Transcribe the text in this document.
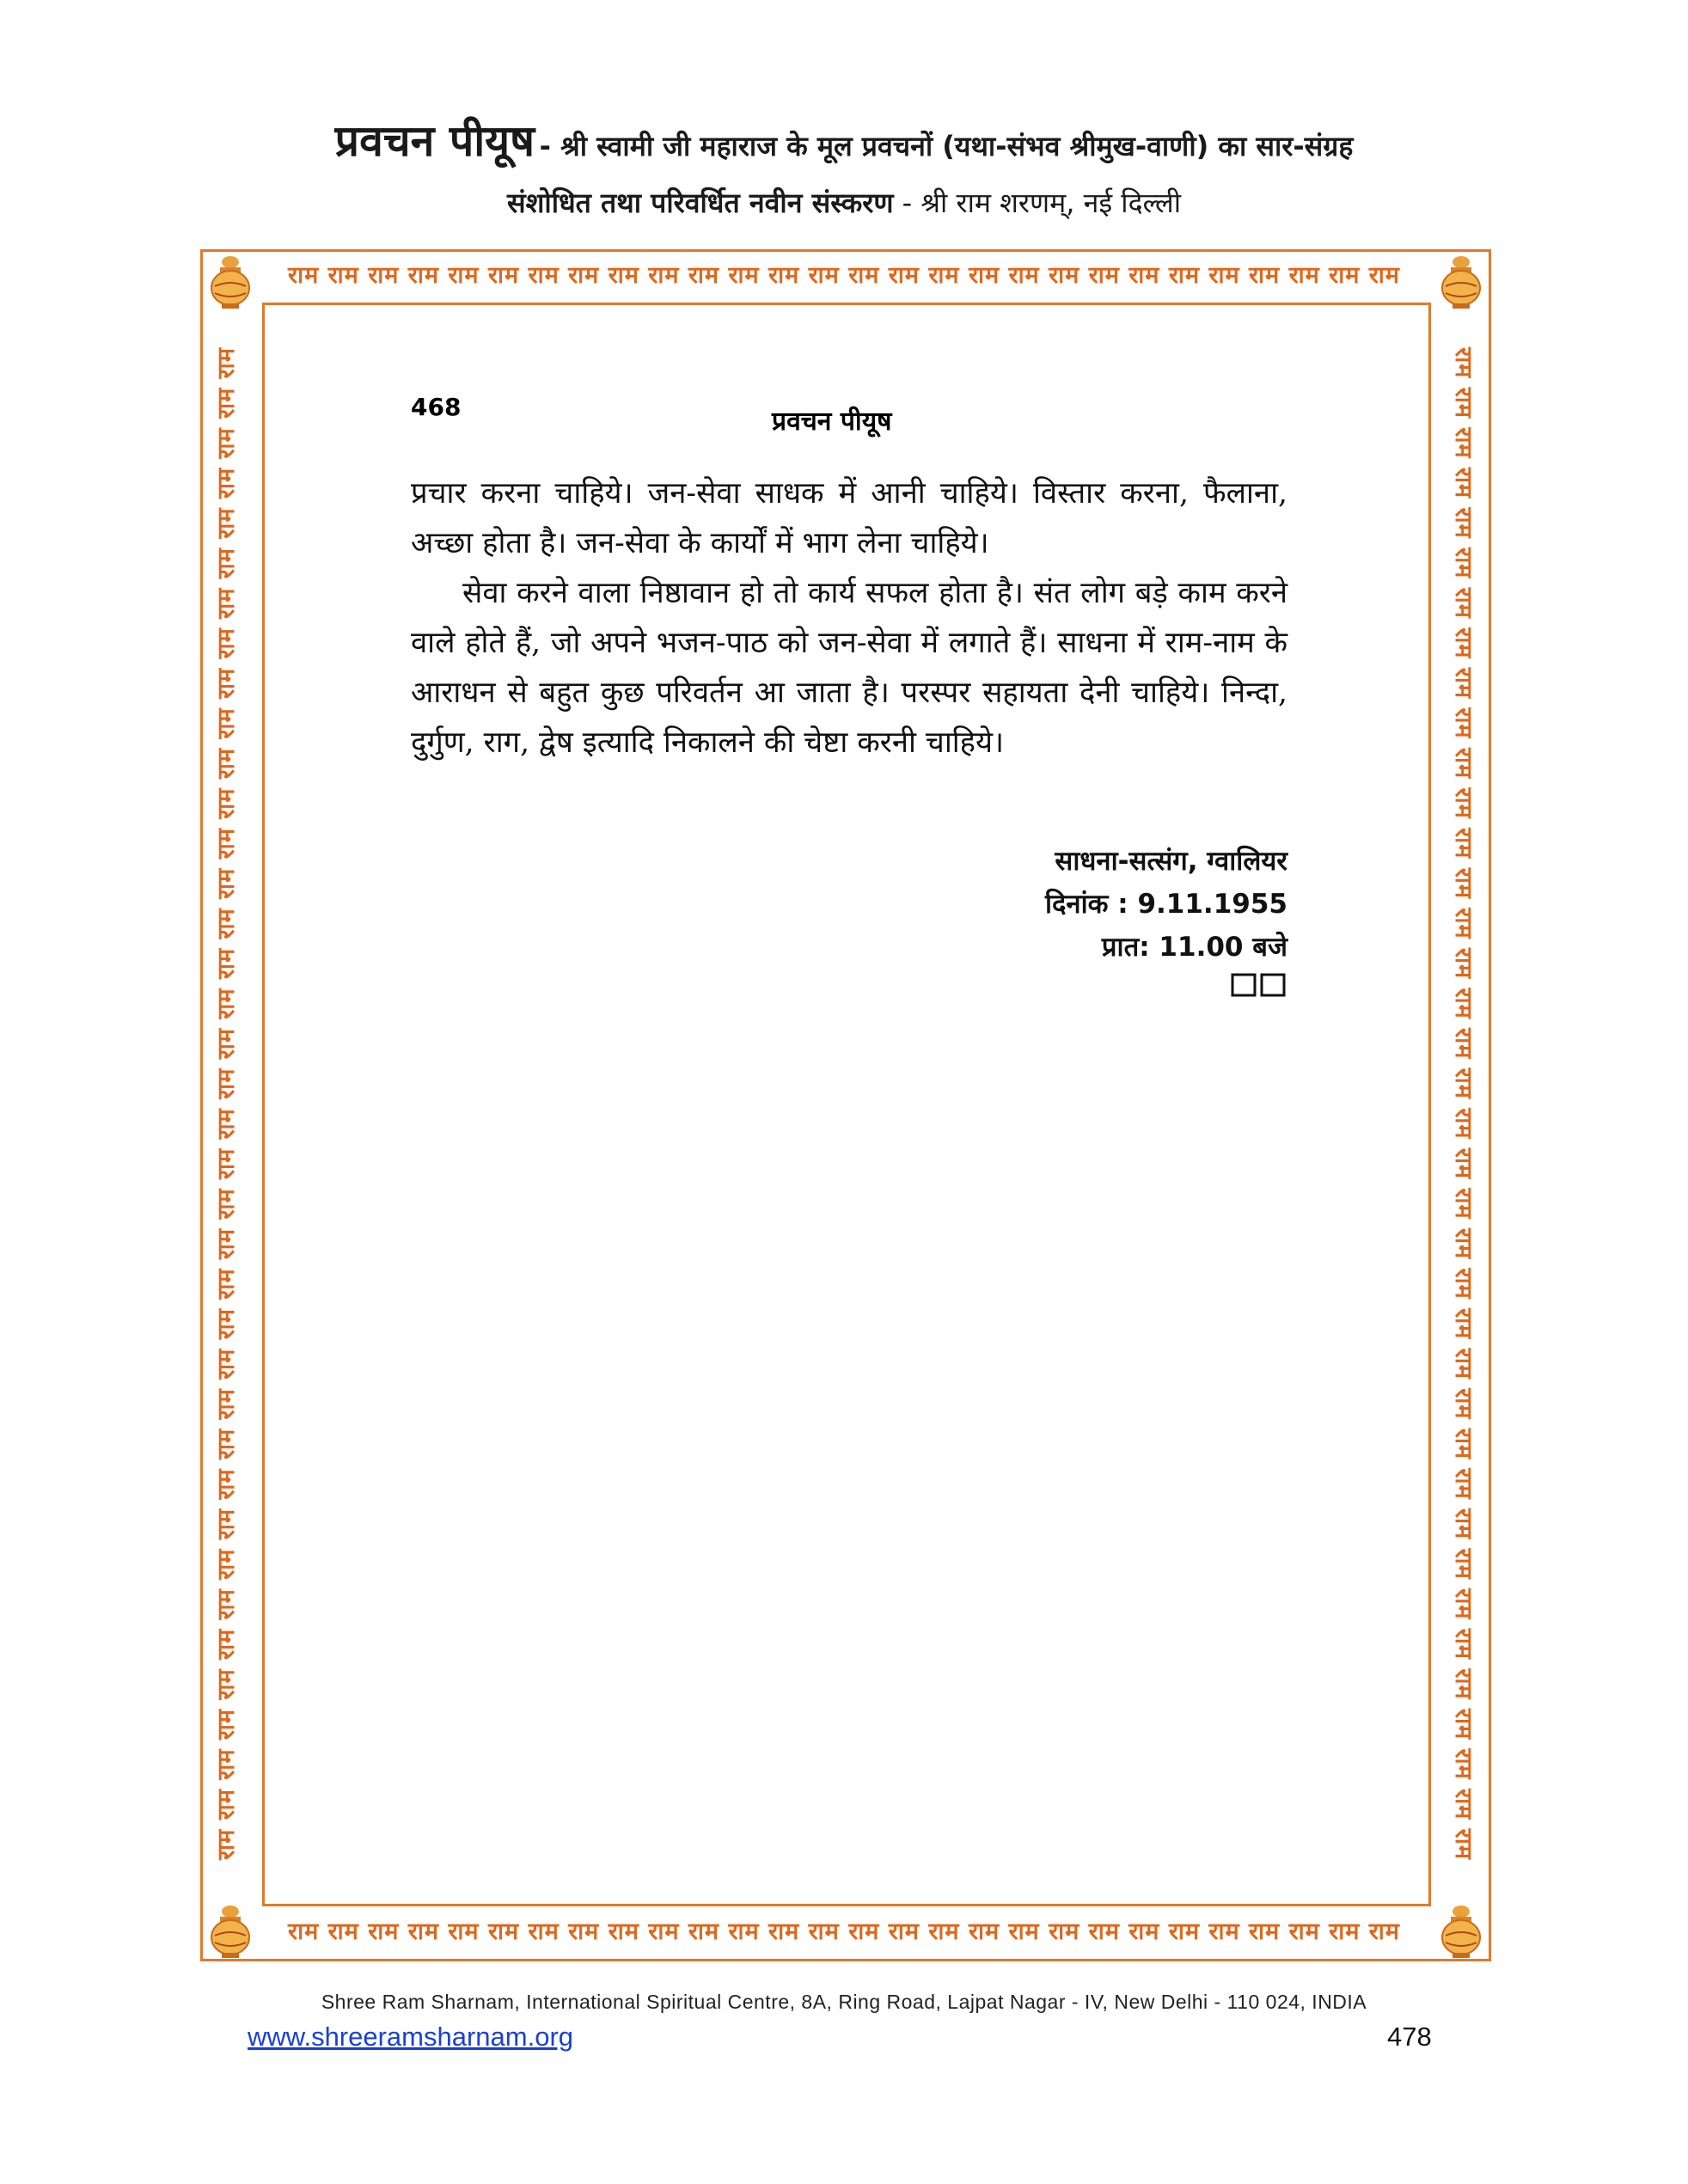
प्रवचन पीयूष - श्री स्वामी जी महाराज के मूल प्रवचनों (यथा-संभव श्रीमुख-वाणी) का सार-संग्रह
संशोधित तथा परिवर्धित नवीन संस्करण - श्री राम शरणम्, नई दिल्ली
राम राम राम राम राम राम राम राम राम राम राम राम राम राम राम राम राम राम राम राम राम राम राम राम राम राम राम राम
राम राम राम राम राम राम राम राम राम राम राम राम राम राम राम राम राम राम राम राम राम राम राम राम राम राम राम राम
राम राम राम राम राम राम राम राम राम राम राम राम राम राम राम राम राम राम राम राम राम राम राम राम राम राम राम राम राम राम राम राम राम राम राम राम राम राम	राम राम राम राम राम राम राम राम राम राम राम राम राम राम राम राम राम राम राम राम राम राम राम राम राम राम राम राम राम राम राम राम राम राम राम राम राम राम
468	प्रवचन पीयूष

प्रचार करना चाहिये। जन-सेवा साधक में आनी चाहिये। विस्तार करना, फैलाना, अच्छा होता है। जन-सेवा के कार्यों में भाग लेना चाहिये।

सेवा करने वाला निष्ठावान हो तो कार्य सफल होता है। संत लोग बड़े काम करने वाले होते हैं, जो अपने भजन-पाठ को जन-सेवा में लगाते हैं। साधना में राम-नाम के आराधन से बहुत कुछ परिवर्तन आ जाता है। परस्पर सहायता देनी चाहिये। निन्दा, दुर्गुण, राग, द्वेष इत्यादि निकालने की चेष्टा करनी चाहिये।

साधना-सत्संग, ग्वालियर
दिनांक : 9.11.1955
प्रात: 11.00 बजे
Shree Ram Sharnam, International Spiritual Centre, 8A, Ring Road, Lajpat Nagar - IV, New Delhi - 110 024, INDIA
www.shreeramsharnam.org	478
